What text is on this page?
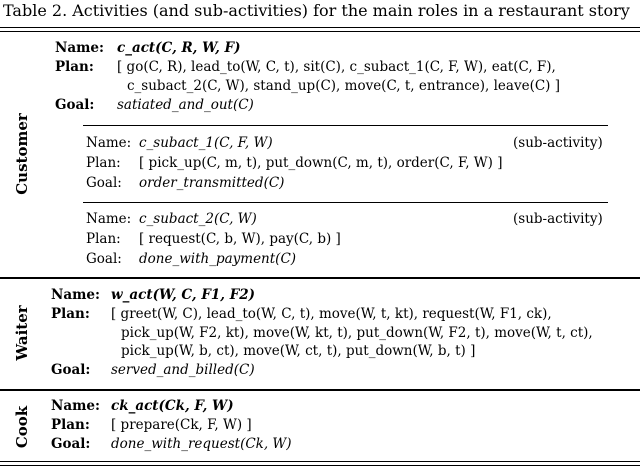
Table 2. Activities (and sub-activities) for the main roles in a restaurant story
Customer
Name: c_act(C, R, W, F)
Plan: [ go(C, R), lead_to(W, C, t), sit(C), c_subact_1(C, F, W), eat(C, F),
c_subact_2(C, W), stand_up(C), move(C, t, entrance), leave(C) ]
Goal: satiated_and_out(C)
Name: c_subact_1(C, F, W)	(sub-activity)
Plan: [ pick_up(C, m, t), put_down(C, m, t), order(C, F, W) ]
Goal: order_transmitted(C)
Name: c_subact_2(C, W)	(sub-activity)
Plan: [ request(C, b, W), pay(C, b) ]
Goal: done_with_payment(C)
Waiter
Name: w_act(W, C, F1, F2)
Plan: [ greet(W, C), lead_to(W, C, t), move(W, t, kt), request(W, F1, ck),
pick_up(W, F2, kt), move(W, kt, t), put_down(W, F2, t), move(W, t, ct),
pick_up(W, b, ct), move(W, ct, t), put_down(W, b, t) ]
Goal: served_and_billed(C)
Cook Name: ck_act(Ck, F, W)
Plan: [ prepare(Ck, F, W) ]
Goal: done_with_request(Ck, W)
